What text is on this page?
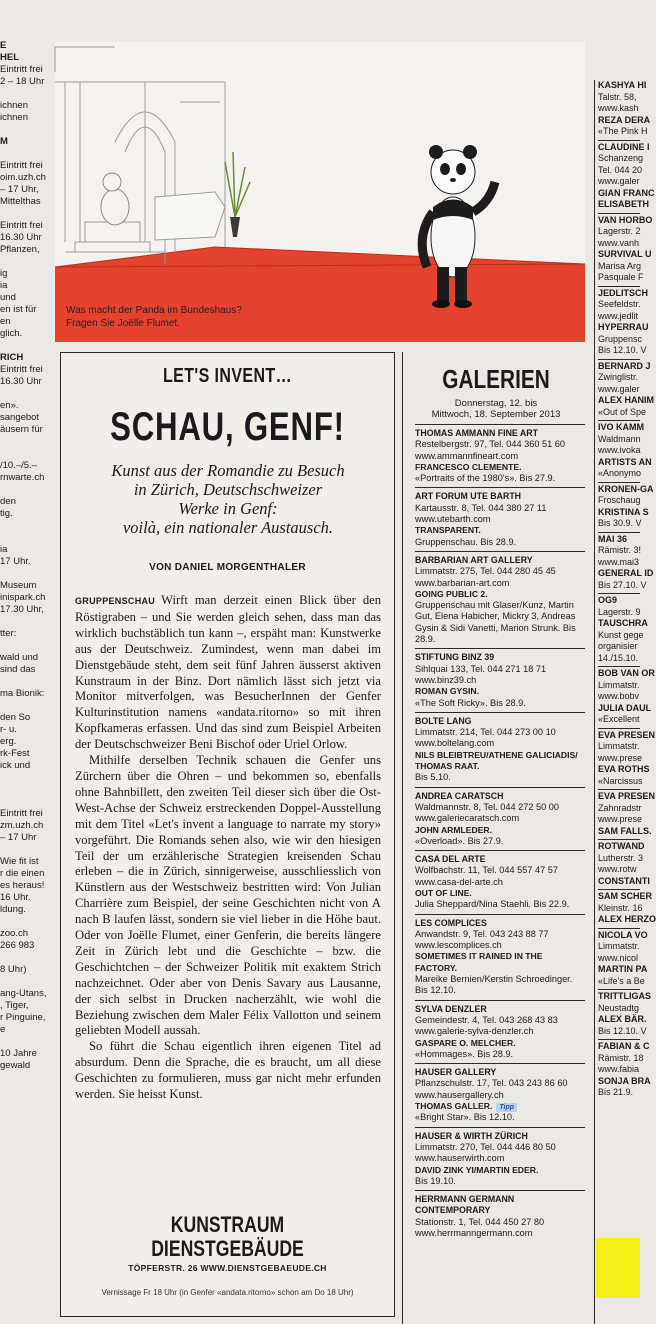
E
HEL
Eintritt frei
2 – 18 Uhr

ichnen
ichnen

M

Eintritt frei
oim.uzh.ch
– 17 Uhr,
Mittelthas

Eintritt frei
16.30 Uhr
Pflanzen,

ig
ia
und
en ist für
en
glich.

RICH
Eintritt frei
16.30 Uhr

en».
sangebot
äusern für

/10.–/5.–
rnwarte.ch

den
tig.

ia
17 Uhr.

Museum
inispark.ch
17.30 Uhr,

tter:

wald und
sind das

ma Bionik:

den So
r- u.
erg.
rk-Fest
ick und

Eintritt frei
zm.uzh.ch
– 17 Uhr

Wie fit ist
r die einen
es heraus!
16 Uhr.
ldung.

zoo.ch
266 983

8 Uhr)

ang-Utans,
, Tiger,
r Pinguine,
e

10 Jahre
gewald
Was macht der Panda im Bundeshaus?
Fragen Sie Joëlle Flumet.
LET'S INVENT…
SCHAU, GENF!
Kunst aus der Romandie zu Besuch
in Zürich, Deutschschweizer
Werke in Genf:
voilà, ein nationaler Austausch.
VON DANIEL MORGENTHALER

GRUPPENSCHAU Wirft man derzeit einen Blick über den Röstigraben – und Sie werden gleich sehen, dass man das wirklich buchstäblich tun kann –, erspäht man: Kunstwerke aus der Deutschweiz. Zumindest, wenn man dabei im Dienstgebäude steht, dem seit fünf Jahren äusserst aktiven Kunstraum in der Binz. Dort nämlich lässt sich jetzt via Monitor mitverfolgen, was BesucherInnen der Genfer Kulturinstitution namens «andata.ritorno» so mit ihren Kopfkameras erfassen. Und das sind zum Beispiel Arbeiten der Deutschschweizer Beni Bischof oder Uriel Orlow.

Mithilfe derselben Technik schauen die Genfer uns Zürchern über die Ohren – und bekommen so, ebenfalls ohne Bahnbillett, den zweiten Teil dieser sich über die Ost-West-Achse der Schweiz erstreckenden Doppel-Ausstellung mit dem Titel «Let's invent a language to narrate my story» vorgeführt. Die Romands sehen also, wie wir den hiesigen Teil der um erzählerische Strategien kreisenden Schau erleben – die in Zürich, sinnigerweise, ausschliesslich von Künstlern aus der Westschweiz bestritten wird: Von Julian Charrière zum Beispiel, der seine Geschichten nicht von A nach B laufen lässt, sondern sie viel lieber in die Höhe baut. Oder von Joëlle Flumet, einer Genferin, die bereits längere Zeit in Zürich lebt und die Geschichte – bzw. die Geschichtchen – der Schweizer Politik mit exaktem Strich nachzeichnet. Oder aber von Denis Savary aus Lausanne, der sich selbst in Drucken nacherzählt, wie wohl die Beziehung zwischen dem Maler Félix Vallotton und seinem geliebten Modell aussah.

So führt die Schau eigentlich ihren eigenen Titel ad absurdum. Denn die Sprache, die es braucht, um all diese Geschichten zu formulieren, muss gar nicht mehr erfunden werden. Sie heisst Kunst.

KUNSTRAUM
DIENSTGEBÄUDE
TÖPFERSTR. 26 WWW.DIENSTGEBAEUDE.CH
Vernissage Fr 18 Uhr (in Genfer «andata.ritorno» schon am Do 18 Uhr)
GALERIEN
Donnerstag, 12. bis
Mittwoch, 18. September 2013
THOMAS AMMANN FINE ART
Restelbergstr. 97, Tel. 044 360 51 60
www.ammannfineart.com
FRANCESCO CLEMENTE.
«Portraits of the 1980's». Bis 27.9.
ART FORUM UTE BARTH
Kartausstr. 8, Tel. 044 380 27 11
www.utebarth.com
TRANSPARENT.
Gruppenschau. Bis 28.9.
BARBARIAN ART GALLERY
Limmatstr. 275, Tel. 044 280 45 45
www.barbarian-art.com
GOING PUBLIC 2.
Gruppenschau mit Glaser/Kunz, Martin Gut, Elena Habicher, Mickry 3, Andreas Gysin & Sidi Vanetti, Marion Strunk. Bis 28.9.
STIFTUNG BINZ 39
Sihlquai 133, Tel. 044 271 18 71
www.binz39.ch
ROMAN GYSIN.
«The Soft Ricky». Bis 28.9.
BOLTE LANG
Limmatstr. 214, Tel. 044 273 00 10
www.boltelang.com
NILS BLEIBTREU/ATHENE GALICIADIS/ THOMAS RAAT.
Bis 5.10.
ANDREA CARATSCH
Waldmannstr. 8, Tel. 044 272 50 00
www.galeriecaratsch.com
JOHN ARMLEDER.
«Overload». Bis 27.9.
CASA DEL ARTE
Wolfbachstr. 11, Tel. 044 557 47 57
www.casa-del-arte.ch
OUT OF LINE.
Julia Sheppard/Nina Staehli. Bis 22.9.
LES COMPLICES
Anwandstr. 9, Tel. 043 243 88 77
www.lescomplices.ch
SOMETIMES IT RAINED IN THE FACTORY.
Mareike Bernien/Kerstin Schroedinger. Bis 12.10.
SYLVA DENZLER
Gemeindestr. 4, Tel. 043 268 43 83
www.galerie-sylva-denzler.ch
GASPARE O. MELCHER.
«Hommages». Bis 28.9.
HAUSER GALLERY
Pflanzschulstr. 17, Tel. 043 243 86 60
www.hausergallery.ch
THOMAS GALLER. Tipp
«Bright Star». Bis 12.10.
HAUSER & WIRTH ZÜRICH
Limmatstr. 270, Tel. 044 446 80 50
www.hauserwirth.com
DAVID ZINK YI/MARTIN EDER.
Bis 19.10.
HERRMANN GERMANN CONTEMPORARY
Stationstr. 1, Tel. 044 450 27 80
www.herrmanngermann.com
KASHYA HI
Talstr. 58,
www.kash
REZA DERA
«The Pink H
CLAUDINE I
Schanzeng
Tel. 044 20
www.galer
GIAN FRANC
ELISABETH
VAN HORBO
Lagerstr. 2
www.vanh
SURVIVAL U
Marisa Arg
Pasquale F
JEDLITSCH
Seefeldstr.
www.jedlit
HYPERRAU
Gruppensc
Bis 12.10. V
BERNARD J
Zwinglistr.
www.galer
ALEX HANIM
«Out of Spe
IVO KAMM
Waldmann
www.ivoka
ARTISTS AN
«Anonymo
KRONEN-GA
Froschaug
KRISTINA S
Bis 30.9. V
MAI 36
Rämistr. 3!
www.mai3
GENERAL ID
Bis 27.10. V
OG9
Lagerstr. 9
TAUSCHRA
Kunst gege
organisier
14./15.10.
BOB VAN OR
Limmatstr.
www.bobv
JULIA DAUL
«Excellent
EVA PRESEN
Limmatstr.
www.prese
EVA ROTHS
«Narcissus
EVA PRESEN
Zahnradstr
www.prese
SAM FALLS.
ROTWAND
Lutherstr. 3
www.rotw
CONSTANTI
SAM SCHER
Kleinstr. 16
ALEX HERZO
NICOLA VO
Limmatstr.
www.nicol
MARTIN PA
«Life's a Be
TRITTLIGAS
Neustadtg
ALEX BÄR.
Bis 12.10. V
FABIAN & C
Rämistr. 18
www.fabia
SONJA BRA
Bis 21.9.
